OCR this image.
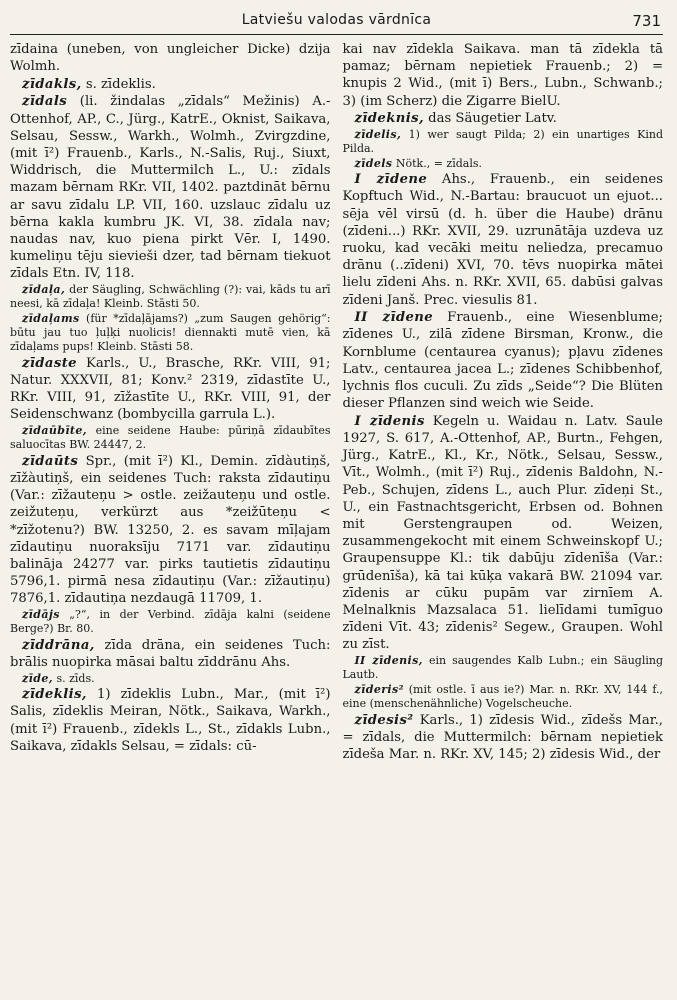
Latviešu valodas vārdnīca	731

zīdaina (uneben, von ungleicher Dicke) dzija Wolmh.

zīdakls, s. zīdeklis.

zīdals (li. žindalas „zīdals“ Mežinis) A.-Ottenhof, AP., C., Jürg., KatrE., Oknist, Saikava, Selsau, Sessw., Warkh., Wolmh., Zvirgzdine, (mit ī²) Frauenb., Karls., N.-Salis, Ruj., Siuxt, Widdrisch, die Muttermilch L., U.: zīdals mazam bērnam RKr. VII, 1402. paztdināt bērnu ar savu zīdalu LP. VII, 160. uzslauc zīdalu uz bērna kakla kumbru JK. VI, 38. zīdala nav; naudas nav, kuo piena pirkt Vēr. I, 1490. kumeliņu tēju sievieši dzer, tad bērnam tiekuot zīdals Etn. IV, 118.

zīdaļa, der Säugling, Schwächling (?): vai, kāds tu arī neesi, kā zīdaļa! Kleinb. Stāsti 50.

zīdaļams (für *zīdaļājams?) „zum Saugen gehörig“: būtu jau tuo ļuļķi nuolicis! diennakti mutē vien, kā zīdaļams pups! Kleinb. Stāsti 58.

zīdaste Karls., U., Brasche, RKr. VIII, 91; Natur. XXXVII, 81; Konv.² 2319, zīdastīte U., RKr. VIII, 91, zīžastīte U., RKr. VIII, 91, der Seidenschwanz (bombycilla garrula L.).

zīdaūbīte, eine seidene Haube: pūriņā zīdaubītes saluocītas BW. 24447, 2.

zīdaūts Spr., (mit ī²) Kl., Demin. zīdàutiņš, zīžàutiņš, ein seidenes Tuch: raksta zīdautiņu (Var.: zīžauteņu > ostle. zeižauteņu und ostle. zeižuteņu, verkürzt aus *zeižūteņu < *zīžotenu?) BW. 13250, 2. es savam mīļajam zīdautiņu nuoraksīju 7171 var. zīdautiņu balināja 24277 var. pirks tautietis zīdautiņu 5796,1. pirmā nesa zīdautiņu (Var.: zīžautiņu) 7876,1. zīdautiņa nezdaugā 11709, 1.

zīdājs „?“, in der Verbind. zīdāja kalni (seidene Berge?) Br. 80.

zīddrāna, zīda drāna, ein seidenes Tuch: brālis nuopirka māsai baltu zīddrānu Ahs.

zīde, s. zīds.

zīdeklis, 1) zīdeklis Lubn., Mar., (mit ī²) Salis, zīdeklis Meiran, Nötk., Saikava, Warkh., (mit ī²) Frauenb., zīdekls L., St., zīdakls Lubn., Saikava, zīdakls Selsau, = zīdals: cū-

kai nav zīdekla Saikava. man tā zīdekla tā pamaz; bērnam nepietiek Frauenb.; 2) = knupis 2 Wid., (mit ī) Bers., Lubn., Schwanb.; 3) (im Scherz) die Zigarre BielU.

zīdeknis, das Säugetier Latv.

zīdelis, 1) wer saugt Pilda; 2) ein unartiges Kind Pilda.

zīdels Nötk., = zīdals.

I zīdene Ahs., Frauenb., ein seidenes Kopftuch Wid., N.-Bartau: braucuot un ejuot... sēja vēl virsū (d. h. über die Haube) drānu (zīdeni...) RKr. XVII, 29. uzrunātāja uzdeva uz ruoku, kad vecāki meitu neliedza, precamuo drānu (..zīdeni) XVI, 70. tēvs nuopirka mātei lielu zīdeni Ahs. n. RKr. XVII, 65. dabūsi galvas zīdeni Janš. Prec. viesulis 81.

II zīdene Frauenb., eine Wiesenblume; zīdenes U., zilā zīdene Birsman, Kronw., die Kornblume (centaurea cyanus); pļavu zīdenes Latv., centaurea jacea L.; zīdenes Schibbenhof, lychnis flos cuculi. Zu zīds „Seide“? Die Blüten dieser Pflanzen sind weich wie Seide.

I zīdenis Kegeln u. Waidau n. Latv. Saule 1927, S. 617, A.-Ottenhof, AP., Burtn., Fehgen, Jürg., KatrE., Kl., Kr., Nötk., Selsau, Sessw., Vīt., Wolmh., (mit ī²) Ruj., zīdenis Baldohn, N.-Peb., Schujen, zīdens L., auch Plur. zīdeņi St., U., ein Fastnachtsgericht, Erbsen od. Bohnen mit Gerstengraupen od. Weizen, zusammengekocht mit einem Schweinskopf U.; Graupensuppe Kl.: tik dabūju zīdenīša (Var.: grūdenīša), kā tai kūķa vakarā BW. 21094 var. zīdenis ar cūku pupām var zirnīem A. Melnalknis Mazsalaca 51. lielīdami tumīguo zīdeni Vīt. 43; zīdenis² Segew., Graupen. Wohl zu zīst.

II zīdenis, ein saugendes Kalb Lubn.; ein Säugling Lautb.

zīderis² (mit ostle. ī aus ie?) Mar. n. RKr. XV, 144 f., eine (menschenähnliche) Vogelscheuche.

zīdesis² Karls., 1) zīdesis Wid., zīdešs Mar., = zīdals, die Muttermilch: bērnam nepietiek zīdeša Mar. n. RKr. XV, 145; 2) zīdesis Wid., der
